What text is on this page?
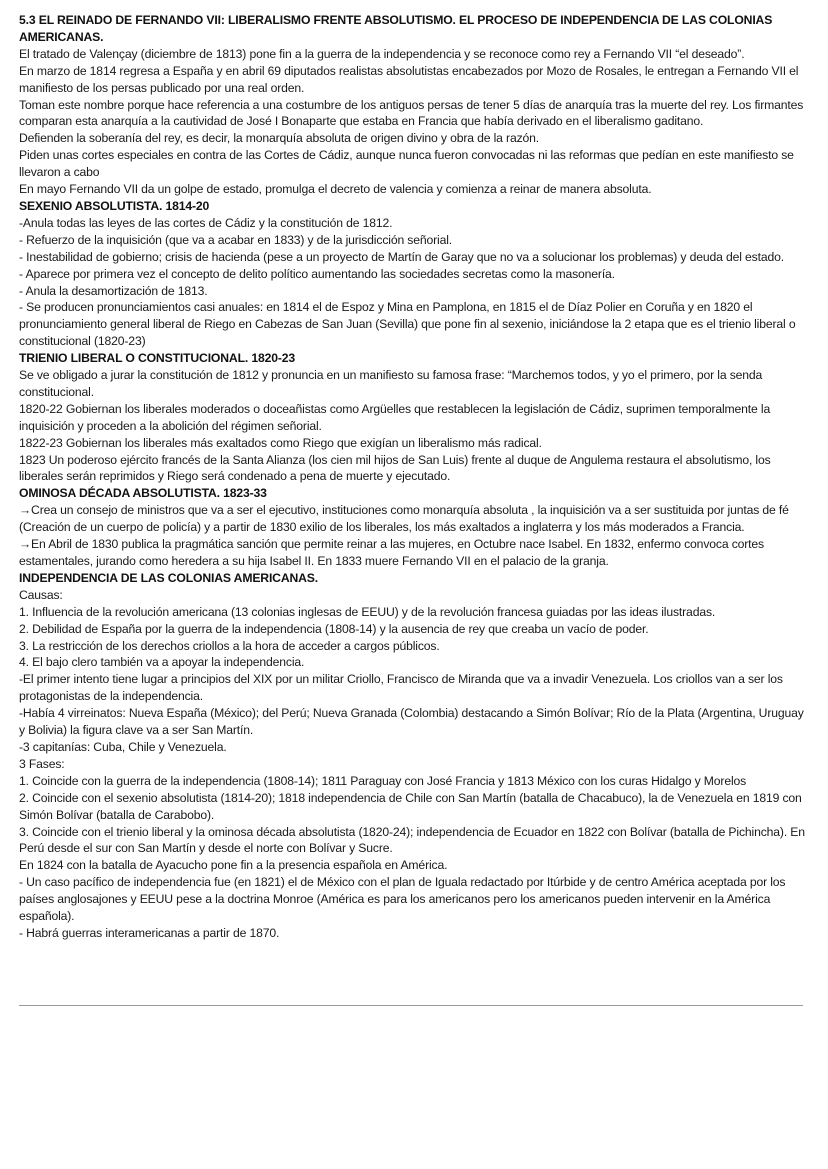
5.3 EL REINADO DE FERNANDO VII: LIBERALISMO FRENTE ABSOLUTISMO. EL PROCESO DE INDEPENDENCIA DE LAS COLONIAS AMERICANAS.

El tratado de Valençay (diciembre de 1813) pone fin a la guerra de la independencia y se reconoce como rey a Fernando VII “el deseado”.

En marzo de 1814 regresa a España y en abril 69 diputados realistas absolutistas encabezados por Mozo de Rosales, le entregan a Fernando VII el manifiesto de los persas publicado por una real orden.

Toman este nombre porque hace referencia a una costumbre de los antiguos persas de tener 5 días de anarquía tras la muerte del rey. Los firmantes comparan esta anarquía a la cautividad de José I Bonaparte que estaba en Francia que había derivado en el liberalismo gaditano.

Defienden la soberanía del rey, es decir, la monarquía absoluta de origen divino y obra de la razón.

Piden unas cortes especiales en contra de las Cortes de Cádiz, aunque nunca fueron convocadas ni las reformas que pedían en este manifiesto se llevaron a cabo

En mayo Fernando VII da un golpe de estado, promulga el decreto de valencia y comienza a reinar de manera absoluta.

SEXENIO ABSOLUTISTA. 1814-20

-Anula todas las leyes de las cortes de Cádiz y la constitución de 1812.

- Refuerzo de la inquisición (que va a acabar en 1833) y de la jurisdicción señorial.

- Inestabilidad de gobierno; crisis de hacienda (pese a un proyecto de Martín de Garay que no va a solucionar los problemas) y deuda del estado.

- Aparece por primera vez el concepto de delito político aumentando las sociedades secretas como la masonería.

- Anula la desamortización de 1813.

- Se producen pronunciamientos casi anuales: en 1814 el de Espoz y Mina en Pamplona, en 1815 el de Díaz Polier en Coruña y en 1820 el pronunciamiento general liberal de Riego en Cabezas de San Juan (Sevilla) que pone fin al sexenio, iniciándose la 2 etapa que es el trienio liberal o constitucional (1820-23)

TRIENIO LIBERAL O CONSTITUCIONAL. 1820-23

Se ve obligado a jurar la constitución de 1812 y pronuncia en un manifiesto su famosa frase: “Marchemos todos, y yo el primero, por la senda constitucional.

1820-22 Gobiernan los liberales moderados o doceañistas como Argüelles que restablecen la legislación de Cádiz, suprimen temporalmente la inquisición y proceden a la abolición del régimen señorial.

1822-23 Gobiernan los liberales más exaltados como Riego que exigían un liberalismo más radical.

1823 Un poderoso ejército francés de la Santa Alianza (los cien mil hijos de San Luis) frente al duque de Angulema restaura el absolutismo, los liberales serán reprimidos y Riego será condenado a pena de muerte y ejecutado.

OMINOSA DÉCADA ABSOLUTISTA. 1823-33

→Crea un consejo de ministros que va a ser el ejecutivo, instituciones como monarquía absoluta , la inquisición va a ser sustituida por juntas de fé (Creación de un cuerpo de policía) y a partir de 1830 exilio de los liberales, los más exaltados a inglaterra y los más moderados a Francia.

→En Abril de 1830 publica la pragmática sanción que permite reinar a las mujeres, en Octubre nace Isabel. En 1832, enfermo convoca cortes estamentales, jurando como heredera a su hija Isabel II. En 1833 muere Fernando VII en el palacio de la granja.

INDEPENDENCIA DE LAS COLONIAS AMERICANAS.

Causas:

1. Influencia de la revolución americana (13 colonias inglesas de EEUU) y de la revolución francesa guiadas por las ideas ilustradas.

2. Debilidad de España por la guerra de la independencia (1808-14) y la ausencia de rey que creaba un vacío de poder.

3. La restricción de los derechos criollos a la hora de acceder a cargos públicos.

4. El bajo clero también va a apoyar la independencia.

-El primer intento tiene lugar a principios del XIX por un militar Criollo, Francisco de Miranda que va a invadir Venezuela. Los criollos van a ser los protagonistas de la independencia.

-Había 4 virreinatos: Nueva España (México); del Perú; Nueva Granada (Colombia) destacando a Simón Bolívar; Río de la Plata (Argentina, Uruguay y Bolivia) la figura clave va a ser San Martín.

-3 capitanías: Cuba, Chile y Venezuela.

3 Fases:

1. Coincide con la guerra de la independencia (1808-14); 1811 Paraguay con José Francia y 1813 México con los curas Hidalgo y Morelos

2. Coincide con el sexenio absolutista (1814-20); 1818 independencia de Chile con San Martín (batalla de Chacabuco), la de Venezuela en 1819 con Simón Bolívar (batalla de Carabobo).

3. Coincide con el trienio liberal y la ominosa década absolutista (1820-24); independencia de Ecuador en 1822 con Bolívar (batalla de Pichincha). En Perú desde el sur con San Martín y desde el norte con Bolívar y Sucre.

En 1824 con la batalla de Ayacucho pone fin a la presencia española en América.

- Un caso pacífico de independencia fue (en 1821) el de México con el plan de Iguala redactado por Itúrbide y de centro América aceptada por los países anglosajones y EEUU pese a la doctrina Monroe (América es para los americanos pero los americanos pueden intervenir en la América española).

- Habrá guerras interamericanas a partir de 1870.
